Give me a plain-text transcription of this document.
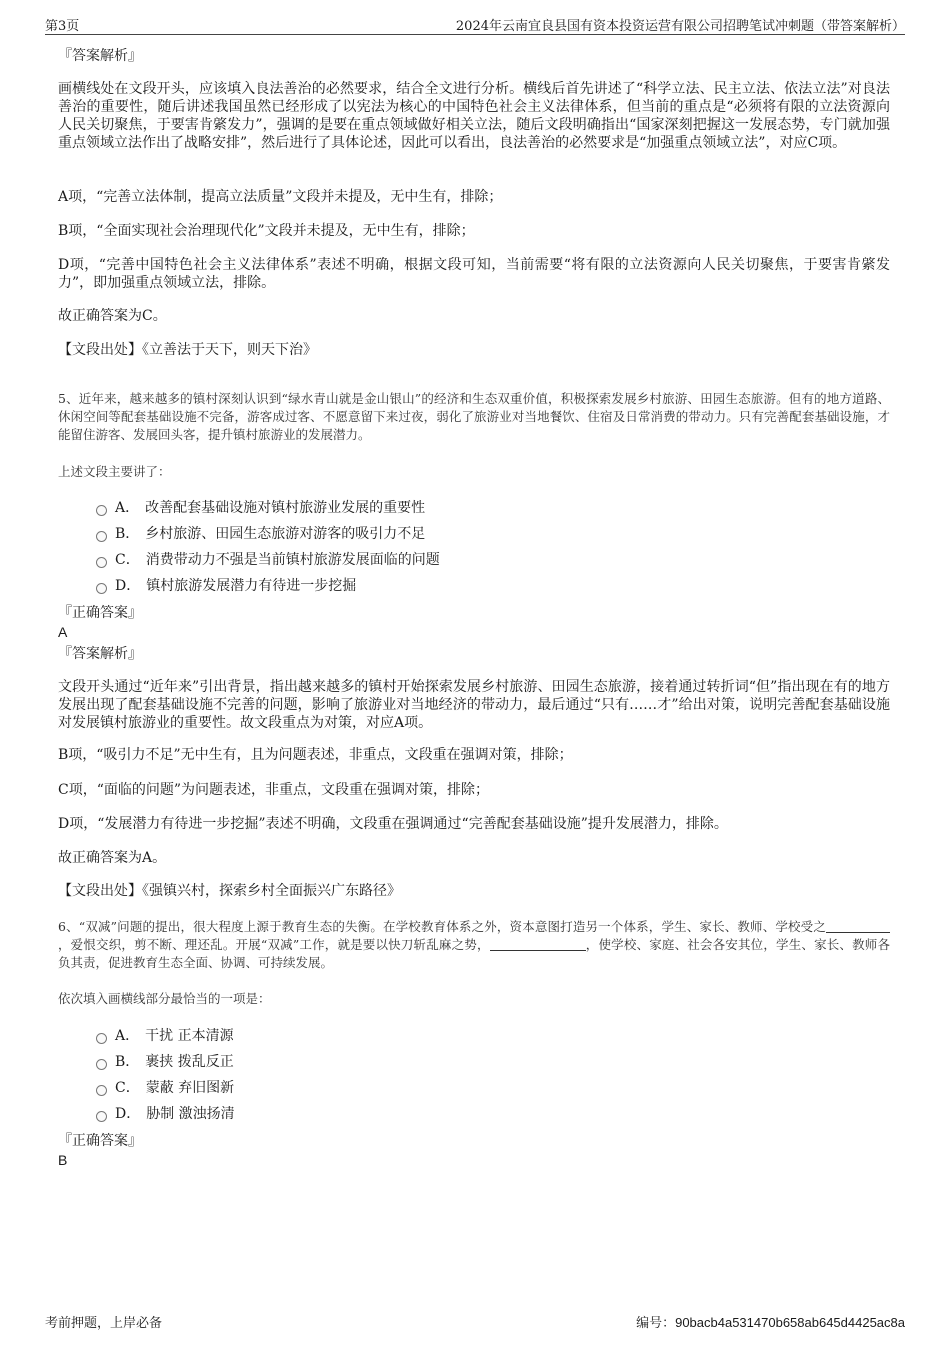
第3页	2024年云南宜良县国有资本投资运营有限公司招聘笔试冲刺题（带答案解析）
『答案解析』
画横线处在文段开头，应该填入良法善治的必然要求，结合全文进行分析。横线后首先讲述了“科学立法、民主立法、依法立法”对良法善治的重要性，随后讲述我国虽然已经形成了以宪法为核心的中国特色社会主义法律体系，但当前的重点是“必须将有限的立法资源向人民关切聚焦，于要害肯綮发力”，强调的是要在重点领域做好相关立法，随后文段明确指出“国家深刻把握这一发展态势，专门就加强重点领域立法作出了战略安排”，然后进行了具体论述，因此可以看出，良法善治的必然要求是“加强重点领域立法”，对应C项。
A项，“完善立法体制，提高立法质量”文段并未提及，无中生有，排除；
B项，“全面实现社会治理现代化”文段并未提及，无中生有，排除；
D项，“完善中国特色社会主义法律体系”表述不明确，根据文段可知，当前需要“将有限的立法资源向人民关切聚焦，于要害肯綮发力”，即加强重点领域立法，排除。
故正确答案为C。
【文段出处】《立善法于天下，则天下治》
5、近年来，越来越多的镇村深刻认识到“绿水青山就是金山银山”的经济和生态双重价值，积极探索发展乡村旅游、田园生态旅游。但有的地方道路、休闲空间等配套基础设施不完备，游客成过客、不愿意留下来过夜，弱化了旅游业对当地餐饮、住宿及日常消费的带动力。只有完善配套基础设施，才能留住游客、发展回头客，提升镇村旅游业的发展潜力。
上述文段主要讲了：
A． 改善配套基础设施对镇村旅游业发展的重要性
B． 乡村旅游、田园生态旅游对游客的吸引力不足
C． 消费带动力不强是当前镇村旅游发展面临的问题
D． 镇村旅游发展潜力有待进一步挖掘
『正确答案』
A
『答案解析』
文段开头通过“近年来”引出背景，指出越来越多的镇村开始探索发展乡村旅游、田园生态旅游，接着通过转折词“但”指出现在有的地方发展出现了配套基础设施不完善的问题，影响了旅游业对当地经济的带动力，最后通过“只有……才”给出对策，说明完善配套基础设施对发展镇村旅游业的重要性。故文段重点为对策，对应A项。
B项，“吸引力不足”无中生有，且为问题表述，非重点，文段重在强调对策，排除；
C项，“面临的问题”为问题表述，非重点，文段重在强调对策，排除；
D项，“发展潜力有待进一步挖掘”表述不明确，文段重在强调通过“完善配套基础设施”提升发展潜力，排除。
故正确答案为A。
【文段出处】《强镇兴村，探索乡村全面振兴广东路径》
6、“双减”问题的提出，很大程度上源于教育生态的失衡。在学校教育体系之外，资本意图打造另一个体系，学生、家长、教师、学校受之，爱恨交织，剪不断、理还乱。开展“双减”工作，就是要以快刀斩乱麻之势，	，使学校、家庭、社会各安其位，学生、家长、教师各负其责，促进教育生态全面、协调、可持续发展。
依次填入画横线部分最恰当的一项是：
A． 干扰 正本清源
B． 裹挟 拨乱反正
C． 蒙蔽 弃旧图新
D． 胁制 激浊扬清
『正确答案』
B
考前押题，上岸必备	编号：90bacb4a531470b658ab645d4425ac8a
